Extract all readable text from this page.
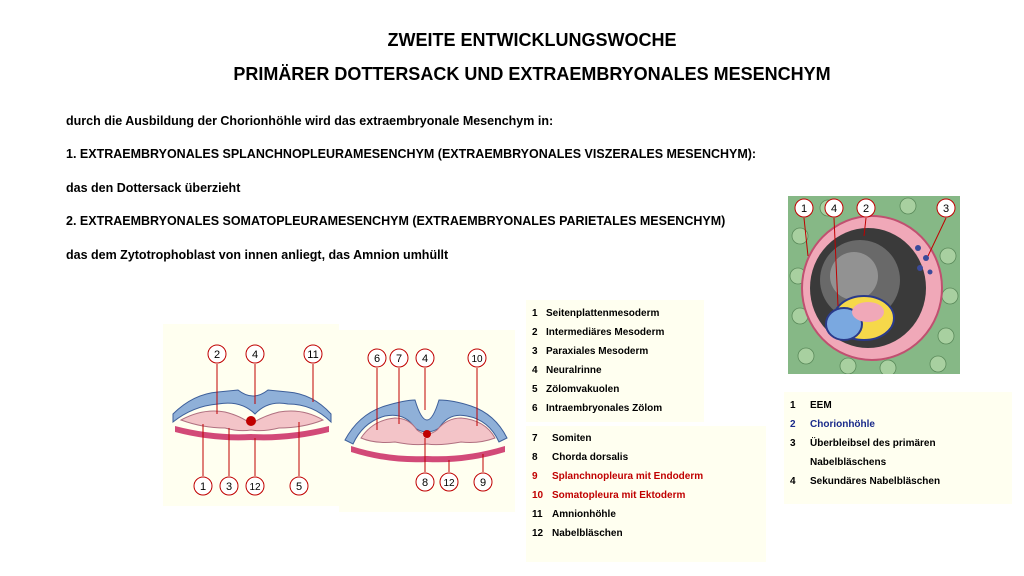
ZWEITE ENTWICKLUNGSWOCHE
PRIMÄRER DOTTERSACK UND EXTRAEMBRYONALES MESENCHYM
durch die Ausbildung der Chorionhöhle wird das extraembryonale Mesenchym in:
1. EXTRAEMBRYONALES SPLANCHNOPLEURAMESENCHYM (EXTRAEMBRYONALES VISZERALES MESENCHYM):
das den Dottersack überzieht
2. EXTRAEMBRYONALES SOMATOPLEURAMESENCHYM (EXTRAEMBRYONALES PARIETALES MESENCHYM)
das dem Zytotrophoblast von innen anliegt, das Amnion umhüllt
2	4	11
1 3 12	5
6 7 4	10
8 12 9
1 Seitenplattenmesoderm
2 Intermediäres Mesoderm
3 Paraxiales Mesoderm
4 Neuralrinne
5 Zölomvakuolen
6 Intraembryonales Zölom
7 Somiten
8 Chorda dorsalis
9 Splanchnopleura mit Endoderm
10 Somatopleura mit Ektoderm
11 Amnionhöhle
12 Nabelbläschen
1 4 2	3
1 EEM
2 Chorionhöhle
3 Überbleibsel des primären
Nabelbläschens
4 Sekundäres Nabelbläschen
